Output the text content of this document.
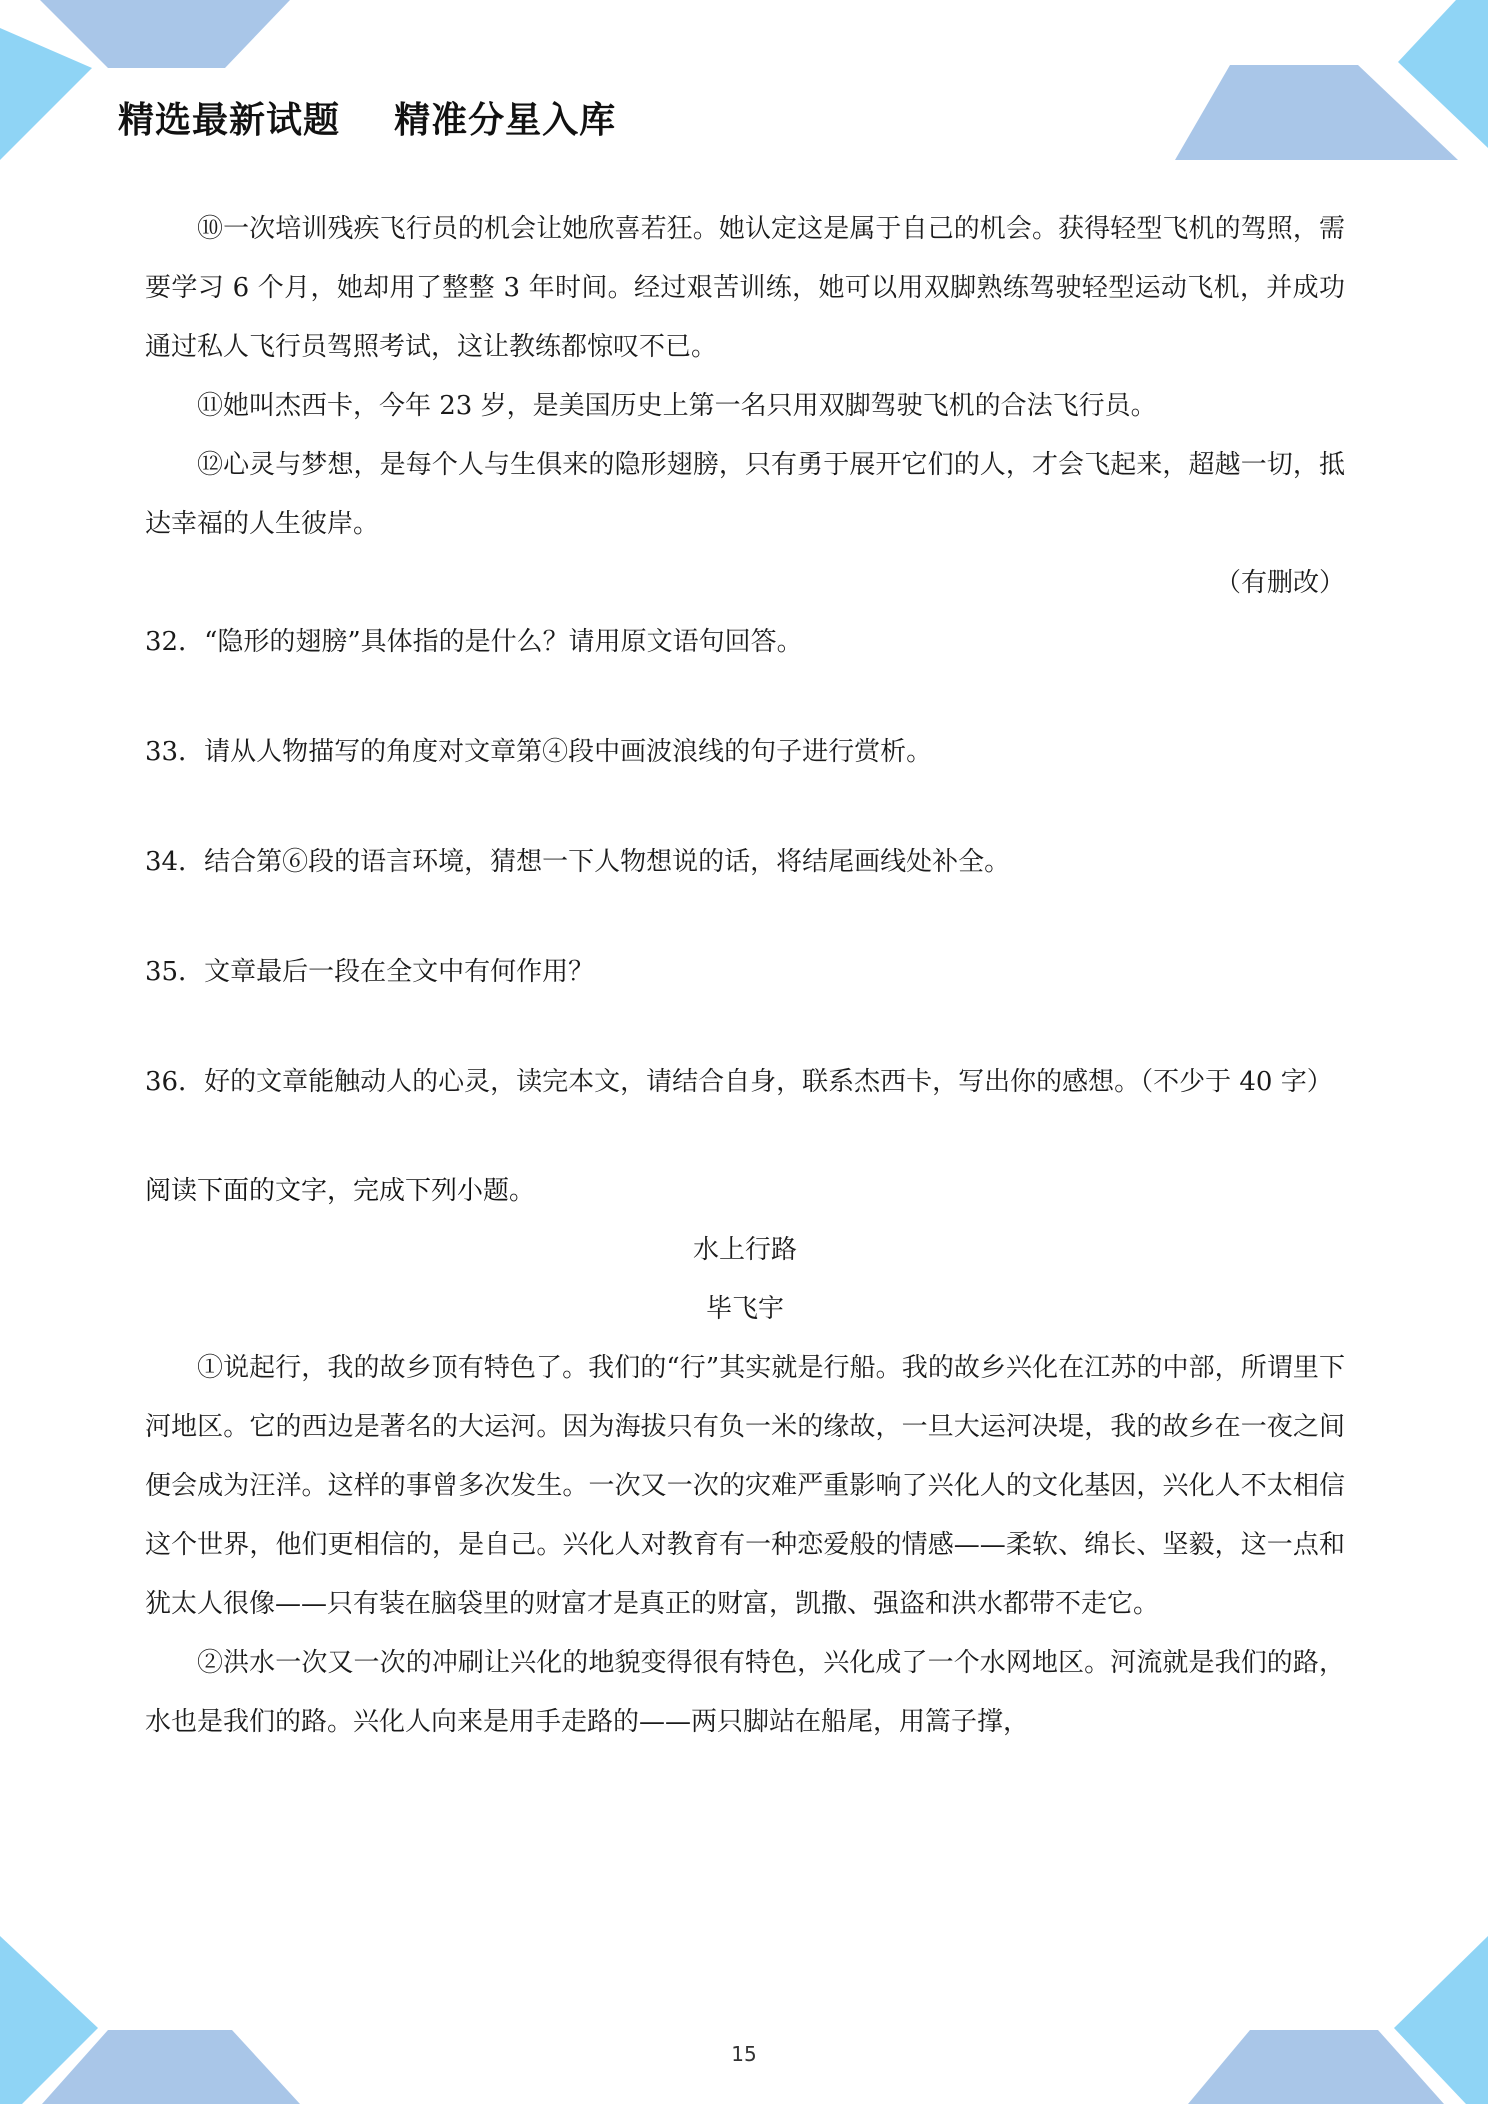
精选最新试题    精准分星入库

⑩一次培训残疾飞行员的机会让她欣喜若狂。她认定这是属于自己的机会。获得轻型飞机的驾照，需要学习 6 个月，她却用了整整 3 年时间。经过艰苦训练，她可以用双脚熟练驾驶轻型运动飞机，并成功通过私人飞行员驾照考试，这让教练都惊叹不已。

⑪她叫杰西卡，今年 23 岁，是美国历史上第一名只用双脚驾驶飞机的合法飞行员。

⑫心灵与梦想，是每个人与生俱来的隐形翅膀，只有勇于展开它们的人，才会飞起来，超越一切，抵达幸福的人生彼岸。

（有删改）

32．“隐形的翅膀”具体指的是什么？请用原文语句回答。

33．请从人物描写的角度对文章第④段中画波浪线的句子进行赏析。

34．结合第⑥段的语言环境，猜想一下人物想说的话，将结尾画线处补全。

35．文章最后一段在全文中有何作用？

36．好的文章能触动人的心灵，读完本文，请结合自身，联系杰西卡，写出你的感想。（不少于 40 字）

阅读下面的文字，完成下列小题。

水上行路

毕飞宇

①说起行，我的故乡顶有特色了。我们的“行”其实就是行船。我的故乡兴化在江苏的中部，所谓里下河地区。它的西边是著名的大运河。因为海拔只有负一米的缘故，一旦大运河决堤，我的故乡在一夜之间便会成为汪洋。这样的事曾多次发生。一次又一次的灾难严重影响了兴化人的文化基因，兴化人不太相信这个世界，他们更相信的，是自己。兴化人对教育有一种恋爱般的情感——柔软、绵长、坚毅，这一点和犹太人很像——只有装在脑袋里的财富才是真正的财富，凯撒、强盗和洪水都带不走它。

②洪水一次又一次的冲刷让兴化的地貌变得很有特色，兴化成了一个水网地区。河流就是我们的路，水也是我们的路。兴化人向来是用手走路的——两只脚站在船尾，用篙子撑，

15
